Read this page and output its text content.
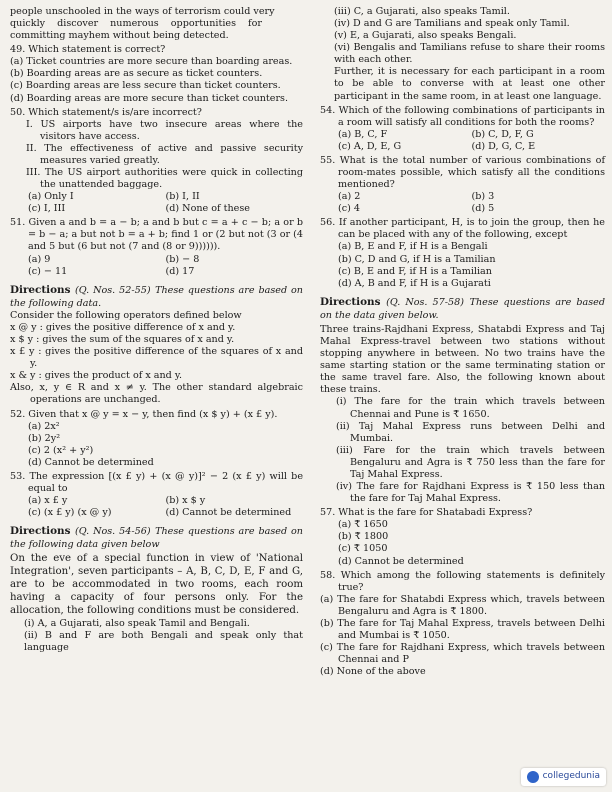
people unschooled in the ways of terrorism could very

quickly discover numerous opportunities for

committing mayhem without being detected.

49. Which statement is correct?

(a) Ticket countries are more secure than boarding areas.

(b) Boarding areas are as secure as ticket counters.

(c) Boarding areas are less secure than ticket counters.

(d) Boarding areas are more secure than ticket counters.

50. Which statement/s is/are incorrect?

I. US airports have two insecure areas where the visitors have access.

II. The effectiveness of active and passive security measures varied greatly.

III. The US airport authorities were quick in collecting the unattended baggage.

(a) Only I	(b) I, II
(c) I, III	(d) None of these

51. Given a and b = a − b; a and b but c = a + c − b; a or b = b − a; a but not b = a + b; find 1 or (2 but not (3 or (4 and 5 but (6 but not (7 and (8 or 9)))))).

(a) 9	(b) − 8
(c) − 11	(d) 17

Directions (Q. Nos. 52-55) These questions are based on the following data.

Consider the following operators defined below

x @ y : gives the positive difference of x and y.

x $ y : gives the sum of the squares of x and y.

x £ y : gives the positive difference of the squares of x and y.

x & y : gives the product of x and y.

Also, x, y ∈ R and x ≠ y. The other standard algebraic operations are unchanged.

52. Given that x @ y = x − y, then find (x $ y) + (x £ y).

(a) 2x²

(b) 2y²

(c) 2 (x² + y²)

(d) Cannot be determined

53. The expression [(x £ y) + (x @ y)]² − 2 (x £ y) will be equal to

(a) x £ y	(b) x $ y
(c) (x £ y) (x @ y)	(d) Cannot be determined

Directions (Q. Nos. 54-56) These questions are based on the following data given below

On the eve of a special function in view of 'National Integration', seven participants – A, B, C, D, E, F and G, are to be accommodated in two rooms, each room having a capacity of four persons only. For the allocation, the following conditions must be considered.

(i) A, a Gujarati, also speak Tamil and Bengali.

(ii) B and F are both Bengali and speak only that language

(iii) C, a Gujarati, also speaks Tamil.

(iv) D and G are Tamilians and speak only Tamil.

(v) E, a Gujarati, also speaks Bengali.

(vi) Bengalis and Tamilians refuse to share their rooms with each other.

Further, it is necessary for each participant in a room to be able to converse with at least one other participant in the same room, in at least one language.

54. Which of the following combinations of participants in a room will satisfy all conditions for both the rooms?

(a) B, C, F	(b) C, D, F, G
(c) A, D, E, G	(d) D, G, C, E

55. What is the total number of various combinations of room-mates possible, which satisfy all the conditions mentioned?

(a) 2	(b) 3
(c) 4	(d) 5

56. If another participant, H, is to join the group, then he can be placed with any of the following, except

(a) B, E and F, if H is a Bengali

(b) C, D and G, if H is a Tamilian

(c) B, E and F, if H is a Tamilian

(d) A, B and F, if H is a Gujarati

Directions (Q. Nos. 57-58) These questions are based on the data given below.

Three trains-Rajdhani Express, Shatabdi Express and Taj Mahal Express-travel between two stations without stopping anywhere in between. No two trains have the same starting station or the same terminating station or the same travel fare. Also, the following known about these trains.

(i) The fare for the train which travels between Chennai and Pune is ₹ 1650.

(ii) Taj Mahal Express runs between Delhi and Mumbai.

(iii) Fare for the train which travels between Bengaluru and Agra is ₹ 750 less than the fare for Taj Mahal Express.

(iv) The fare for Rajdhani Express is ₹ 150 less than the fare for Taj Mahal Express.

57. What is the fare for Shatabadi Express?

(a) ₹ 1650

(b) ₹ 1800

(c) ₹ 1050

(d) Cannot be determined

58. Which among the following statements is definitely true?

(a) The fare for Shatabdi Express which, travels between Bengaluru and Agra is ₹ 1800.

(b) The fare for Taj Mahal Express, travels between Delhi and Mumbai is ₹ 1050.

(c) The fare for Rajdhani Express, which travels between Chennai and P

(d) None of the above

collegedunia
